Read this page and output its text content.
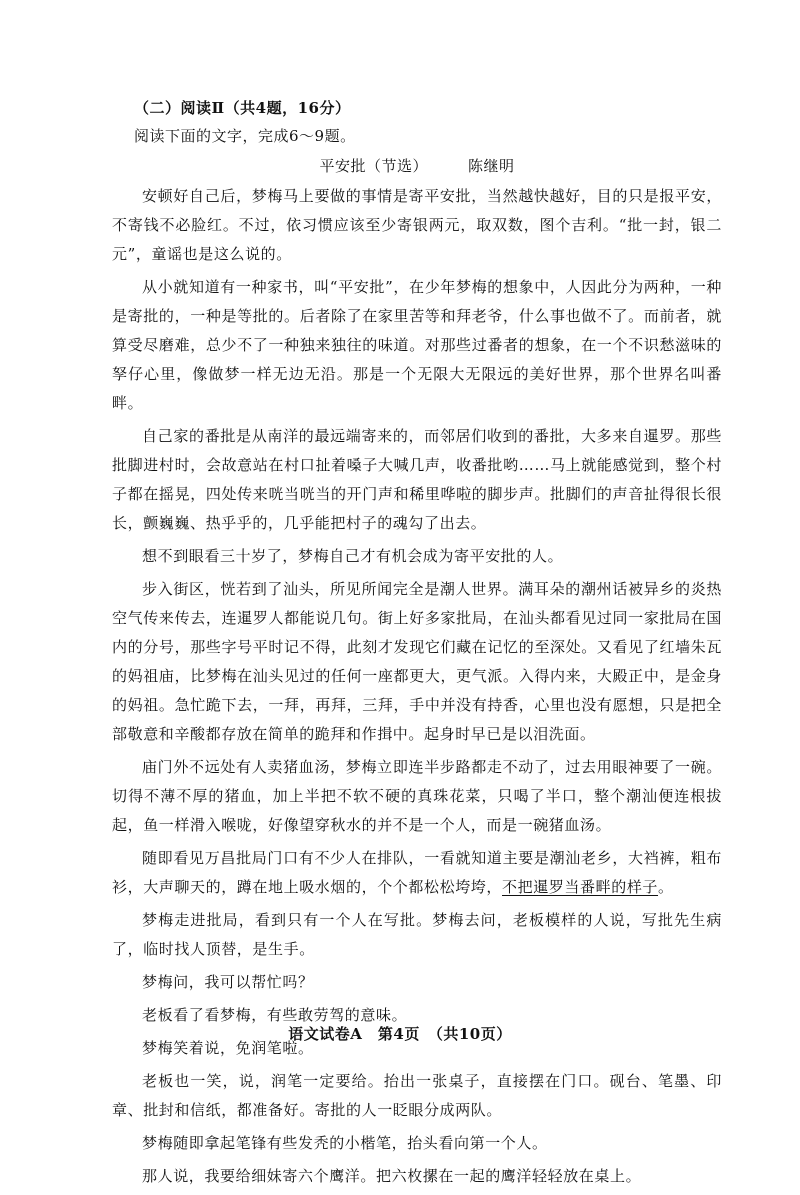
（二）阅读Ⅱ（共4题，16分）
阅读下面的文字，完成6～9题。
平安批（节选）	陈继明

安顿好自己后，梦梅马上要做的事情是寄平安批，当然越快越好，目的只是报平安，不寄钱不必脸红。不过，依习惯应该至少寄银两元，取双数，图个吉利。“批一封，银二元”，童谣也是这么说的。

从小就知道有一种家书，叫“平安批”，在少年梦梅的想象中，人因此分为两种，一种是寄批的，一种是等批的。后者除了在家里苦等和拜老爷，什么事也做不了。而前者，就算受尽磨难，总少不了一种独来独往的味道。对那些过番者的想象，在一个不识愁滋味的孥仔心里，像做梦一样无边无沿。那是一个无限大无限远的美好世界，那个世界名叫番畔。

自己家的番批是从南洋的最远端寄来的，而邻居们收到的番批，大多来自暹罗。那些批脚进村时，会故意站在村口扯着嗓子大喊几声，收番批哟……马上就能感觉到，整个村子都在摇晃，四处传来咣当咣当的开门声和稀里哗啦的脚步声。批脚们的声音扯得很长很长，颤巍巍、热乎乎的，几乎能把村子的魂勾了出去。

想不到眼看三十岁了，梦梅自己才有机会成为寄平安批的人。

步入街区，恍若到了汕头，所见所闻完全是潮人世界。满耳朵的潮州话被异乡的炎热空气传来传去，连暹罗人都能说几句。街上好多家批局，在汕头都看见过同一家批局在国内的分号，那些字号平时记不得，此刻才发现它们藏在记忆的至深处。又看见了红墙朱瓦的妈祖庙，比梦梅在汕头见过的任何一座都更大，更气派。入得内来，大殿正中，是金身的妈祖。急忙跪下去，一拜，再拜，三拜，手中并没有持香，心里也没有愿想，只是把全部敬意和辛酸都存放在简单的跪拜和作揖中。起身时早已是以泪洗面。

庙门外不远处有人卖猪血汤，梦梅立即连半步路都走不动了，过去用眼神要了一碗。切得不薄不厚的猪血，加上半把不软不硬的真珠花菜，只喝了半口，整个潮汕便连根拔起，鱼一样滑入喉咙，好像望穿秋水的并不是一个人，而是一碗猪血汤。

随即看见万昌批局门口有不少人在排队，一看就知道主要是潮汕老乡，大裆裤，粗布衫，大声聊天的，蹲在地上吸水烟的，个个都松松垮垮，不把暹罗当番畔的样子。

梦梅走进批局，看到只有一个人在写批。梦梅去问，老板模样的人说，写批先生病了，临时找人顶替，是生手。

梦梅问，我可以帮忙吗？

老板看了看梦梅，有些敢劳驾的意味。

梦梅笑着说，免润笔啦。

老板也一笑，说，润笔一定要给。抬出一张桌子，直接摆在门口。砚台、笔墨、印章、批封和信纸，都准备好。寄批的人一眨眼分成两队。

梦梅随即拿起笔锋有些发秃的小楷笔，抬头看向第一个人。

那人说，我要给细妹寄六个鹰洋。把六枚摞在一起的鹰洋轻轻放在桌上。

语文试卷A　第4页　（共10页）
